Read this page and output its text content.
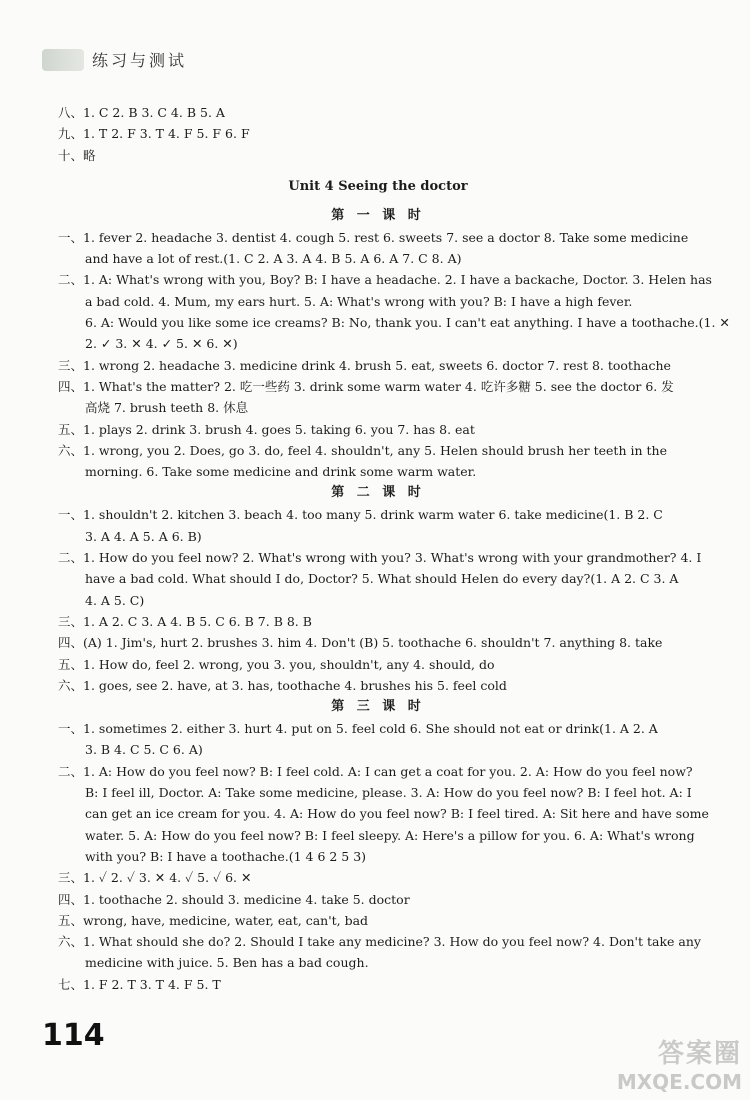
练习与测试
八、1. C 2. B 3. C 4. B 5. A
九、1. T 2. F 3. T 4. F 5. F 6. F
十、略
Unit 4 Seeing the doctor
第 一 课 时
一、1. fever 2. headache 3. dentist 4. cough 5. rest 6. sweets 7. see a doctor 8. Take some medicine
and have a lot of rest.(1. C 2. A 3. A 4. B 5. A 6. A 7. C 8. A)
二、1. A: What's wrong with you, Boy? B: I have a headache. 2. I have a backache, Doctor. 3. Helen has
a bad cold. 4. Mum, my ears hurt. 5. A: What's wrong with you? B: I have a high fever.
6. A: Would you like some ice creams? B: No, thank you. I can't eat anything. I have a toothache.(1. ✕
2. ✓ 3. ✕ 4. ✓ 5. ✕ 6. ✕)
三、1. wrong 2. headache 3. medicine drink 4. brush 5. eat, sweets 6. doctor 7. rest 8. toothache
四、1. What's the matter? 2. 吃一些药 3. drink some warm water 4. 吃许多糖 5. see the doctor 6. 发
高烧 7. brush teeth 8. 休息
五、1. plays 2. drink 3. brush 4. goes 5. taking 6. you 7. has 8. eat
六、1. wrong, you 2. Does, go 3. do, feel 4. shouldn't, any 5. Helen should brush her teeth in the
morning. 6. Take some medicine and drink some warm water.
第 二 课 时
一、1. shouldn't 2. kitchen 3. beach 4. too many 5. drink warm water 6. take medicine(1. B 2. C
3. A 4. A 5. A 6. B)
二、1. How do you feel now? 2. What's wrong with you? 3. What's wrong with your grandmother? 4. I
have a bad cold. What should I do, Doctor? 5. What should Helen do every day?(1. A 2. C 3. A
4. A 5. C)
三、1. A 2. C 3. A 4. B 5. C 6. B 7. B 8. B
四、(A) 1. Jim's, hurt 2. brushes 3. him 4. Don't (B) 5. toothache 6. shouldn't 7. anything 8. take
五、1. How do, feel 2. wrong, you 3. you, shouldn't, any 4. should, do
六、1. goes, see 2. have, at 3. has, toothache 4. brushes his 5. feel cold
第 三 课 时
一、1. sometimes 2. either 3. hurt 4. put on 5. feel cold 6. She should not eat or drink(1. A 2. A
3. B 4. C 5. C 6. A)
二、1. A: How do you feel now? B: I feel cold. A: I can get a coat for you. 2. A: How do you feel now?
B: I feel ill, Doctor. A: Take some medicine, please. 3. A: How do you feel now? B: I feel hot. A: I
can get an ice cream for you. 4. A: How do you feel now? B: I feel tired. A: Sit here and have some
water. 5. A: How do you feel now? B: I feel sleepy. A: Here's a pillow for you. 6. A: What's wrong
with you? B: I have a toothache.(1 4 6 2 5 3)
三、1. ✓ 2. ✓ 3. ✕ 4. ✓ 5. ✓ 6. ✕
四、1. toothache 2. should 3. medicine 4. take 5. doctor
五、wrong, have, medicine, water, eat, can't, bad
六、1. What should she do? 2. Should I take any medicine? 3. How do you feel now? 4. Don't take any
medicine with juice. 5. Ben has a bad cough.
七、1. F 2. T 3. T 4. F 5. T
114
答案圈
MXQE.COM
